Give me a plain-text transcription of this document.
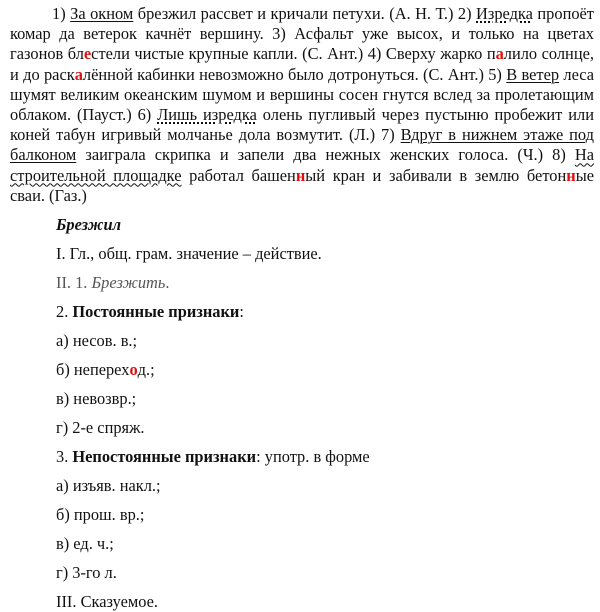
1) За окном брезжил рассвет и кричали петухи. (А. Н. Т.) 2) Изредка пропоёт комар да ветерок качнёт вершину. 3) Асфальт уже высох, и только на цветах газонов блестели чистые крупные капли. (С. Ант.) 4) Сверху жарко палило солнце, и до раскалённой кабинки невозможно было дотронуться. (С. Ант.) 5) В ветер леса шумят великим океанским шумом и вершины сосен гнутся вслед за пролетающим облаком. (Пауст.) 6) Лишь изредка олень пугливый через пустыню пробежит или коней табун игривый молчанье дола возмутит. (Л.) 7) Вдруг в нижнем этаже под балконом заиграла скрипка и запели два нежных женских голоса. (Ч.) 8) На строительной площадке работал башенный кран и забивали в землю бетонные сваи. (Газ.)

Брезжил
I. Гл., общ. грам. значение – действие.
II. 1. Брезжить.
2. Постоянные признаки:
а) несов. в.;
б) непереход.;
в) невозвр.;
г) 2-е спряж.
3. Непостоянные признаки: употр. в форме
а) изъяв. накл.;
б) прош. вр.;
в) ед. ч.;
г) 3-го л.
III. Сказуемое.
